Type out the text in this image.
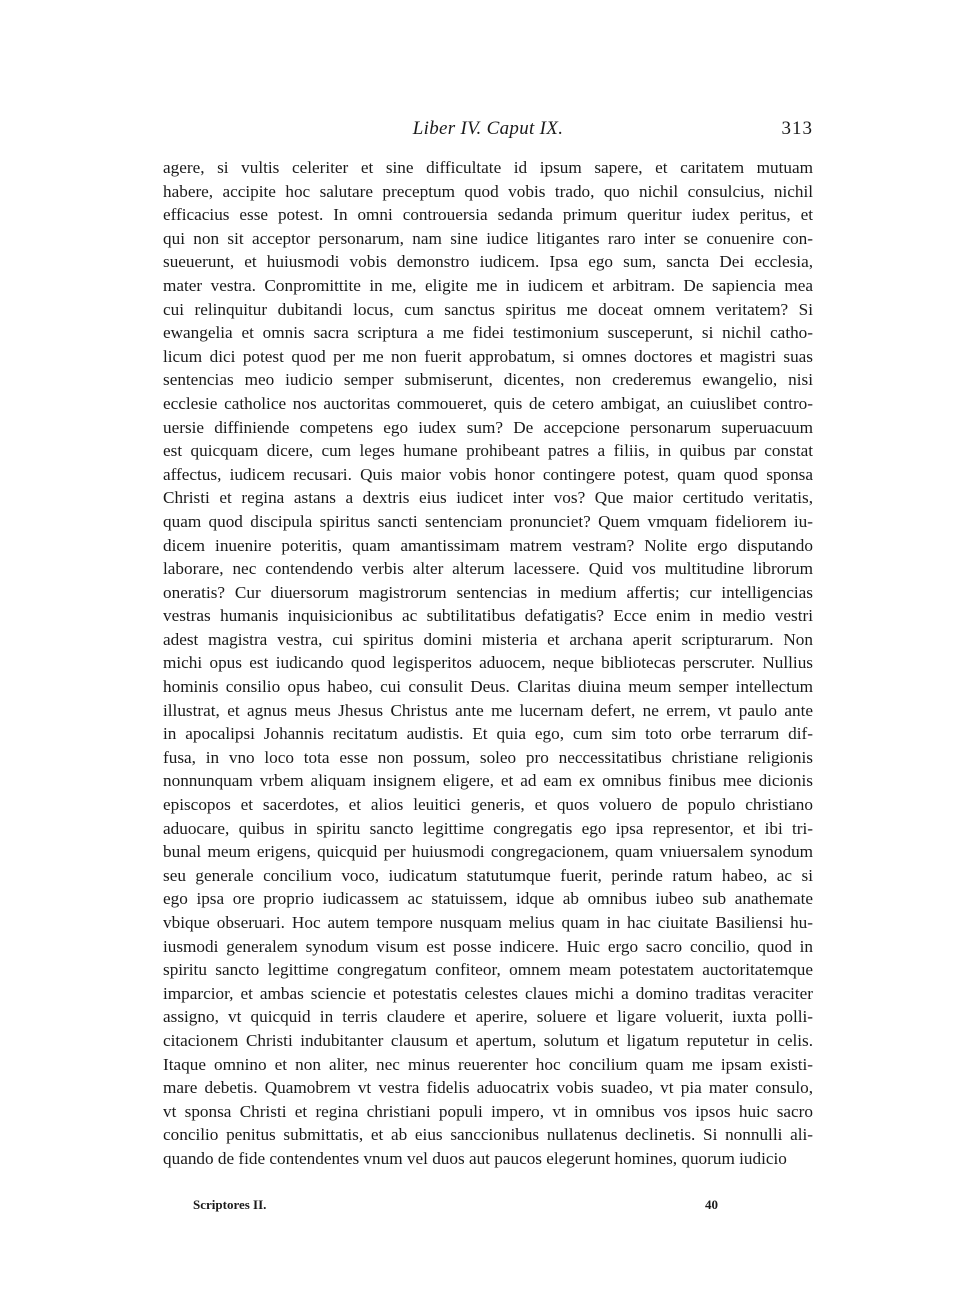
Liber IV. Caput IX.	313
agere, si vultis celeriter et sine difficultate id ipsum sapere, et caritatem mutuam
habere, accipite hoc salutare preceptum quod vobis trado, quo nichil consulcius, nichil
efficacius esse potest. In omni controuersia sedanda primum queritur iudex peritus, et
qui non sit acceptor personarum, nam sine iudice litigantes raro inter se conuenire con-
sueuerunt, et huiusmodi vobis demonstro iudicem. Ipsa ego sum, sancta Dei ecclesia,
mater vestra. Conpromittite in me, eligite me in iudicem et arbitram. De sapiencia mea
cui relinquitur dubitandi locus, cum sanctus spiritus me doceat omnem veritatem? Si
ewangelia et omnis sacra scriptura a me fidei testimonium susceperunt, si nichil catho-
licum dici potest quod per me non fuerit approbatum, si omnes doctores et magistri suas
sentencias meo iudicio semper submiserunt, dicentes, non crederemus ewangelio, nisi
ecclesie catholice nos auctoritas commoueret, quis de cetero ambigat, an cuiuslibet contro-
uersie diffiniende competens ego iudex sum? De accepcione personarum superuacuum
est quicquam dicere, cum leges humane prohibeant patres a filiis, in quibus par constat
affectus, iudicem recusari. Quis maior vobis honor contingere potest, quam quod sponsa
Christi et regina astans a dextris eius iudicet inter vos? Que maior certitudo veritatis,
quam quod discipula spiritus sancti sentenciam pronunciet? Quem vmquam fideliorem iu-
dicem inuenire poteritis, quam amantissimam matrem vestram? Nolite ergo disputando
laborare, nec contendendo verbis alter alterum lacessere. Quid vos multitudine librorum
oneratis? Cur diuersorum magistrorum sentencias in medium affertis; cur intelligencias
vestras humanis inquisicionibus ac subtilitatibus defatigatis? Ecce enim in medio vestri
adest magistra vestra, cui spiritus domini misteria et archana aperit scripturarum. Non
michi opus est iudicando quod legisperitos aduocem, neque bibliotecas perscruter. Nullius
hominis consilio opus habeo, cui consulit Deus. Claritas diuina meum semper intellectum
illustrat, et agnus meus Jhesus Christus ante me lucernam defert, ne errem, vt paulo ante
in apocalipsi Johannis recitatum audistis. Et quia ego, cum sim toto orbe terrarum dif-
fusa, in vno loco tota esse non possum, soleo pro neccessitatibus christiane religionis
nonnunquam vrbem aliquam insignem eligere, et ad eam ex omnibus finibus mee dicionis
episcopos et sacerdotes, et alios leuitici generis, et quos voluero de populo christiano
aduocare, quibus in spiritu sancto legittime congregatis ego ipsa representor, et ibi tri-
bunal meum erigens, quicquid per huiusmodi congregacionem, quam vniuersalem synodum
seu generale concilium voco, iudicatum statutumque fuerit, perinde ratum habeo, ac si
ego ipsa ore proprio iudicassem ac statuissem, idque ab omnibus iubeo sub anathemate
vbique obseruari. Hoc autem tempore nusquam melius quam in hac ciuitate Basiliensi hu-
iusmodi generalem synodum visum est posse indicere. Huic ergo sacro concilio, quod in
spiritu sancto legittime congregatum confiteor, omnem meam potestatem auctoritatemque
imparcior, et ambas sciencie et potestatis celestes claues michi a domino traditas veraciter
assigno, vt quicquid in terris claudere et aperire, soluere et ligare voluerit, iuxta polli-
citacionem Christi indubitanter clausum et apertum, solutum et ligatum reputetur in celis.
Itaque omnino et non aliter, nec minus reuerenter hoc concilium quam me ipsam existi-
mare debetis. Quamobrem vt vestra fidelis aduocatrix vobis suadeo, vt pia mater consulo,
vt sponsa Christi et regina christiani populi impero, vt in omnibus vos ipsos huic sacro
concilio penitus submittatis, et ab eius sanccionibus nullatenus declinetis. Si nonnulli ali-
quando de fide contendentes vnum vel duos aut paucos elegerunt homines, quorum iudicio
Scriptores II.	40
